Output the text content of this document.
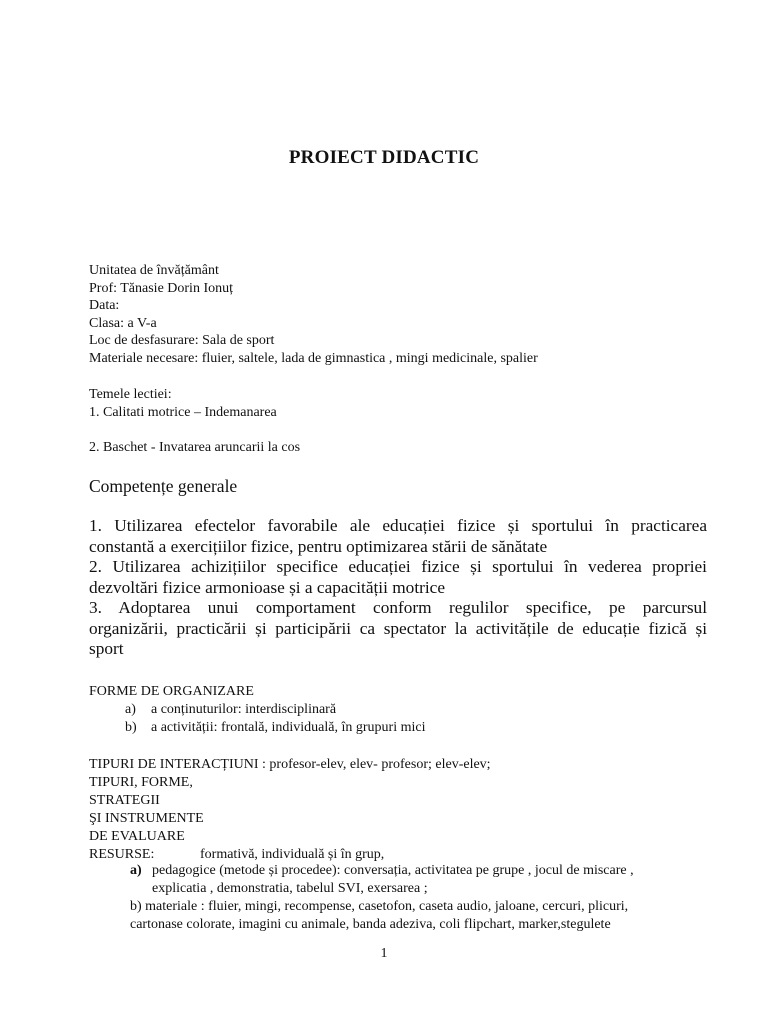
PROIECT DIDACTIC
Unitatea de învățământ
Prof: Tănasie Dorin Ionuț
Data:
Clasa: a V-a
Loc de desfasurare: Sala de sport
Materiale necesare: fluier, saltele, lada de gimnastica , mingi medicinale, spalier
Temele lectiei:
1. Calitati motrice – Indemanarea
2. Baschet - Invatarea aruncarii la cos
Competențe generale

1. Utilizarea efectelor favorabile ale educației fizice și sportului în practicarea

constantă a exercițiilor fizice, pentru optimizarea stării de sănătate

2. Utilizarea achizițiilor specifice educației fizice și sportului în vederea propriei

dezvoltări fizice armonioase și a capacității motrice

3. Adoptarea unui comportament conform regulilor specifice, pe parcursul

organizării, practicării și participării ca spectator la activitățile de educație fizică și

sport

FORME DE ORGANIZARE
a) a conținuturilor: interdisciplinară
b) a activității: frontală, individuală, în grupuri mici
TIPURI DE INTERACȚIUNI : profesor-elev, elev- profesor; elev-elev;
TIPURI, FORME,
STRATEGII
ŞI INSTRUMENTE
DE EVALUARE
RESURSE:	formativă, individuală și în grup,
a) pedagogice (metode și procedee): conversația, activitatea pe grupe , jocul de miscare ,
explicatia , demonstratia, tabelul SVI, exersarea ;
b) materiale : fluier, mingi, recompense, casetofon, caseta audio, jaloane, cercuri, plicuri,
cartonase colorate, imagini cu animale, banda adeziva, coli flipchart, marker,stegulete
1
